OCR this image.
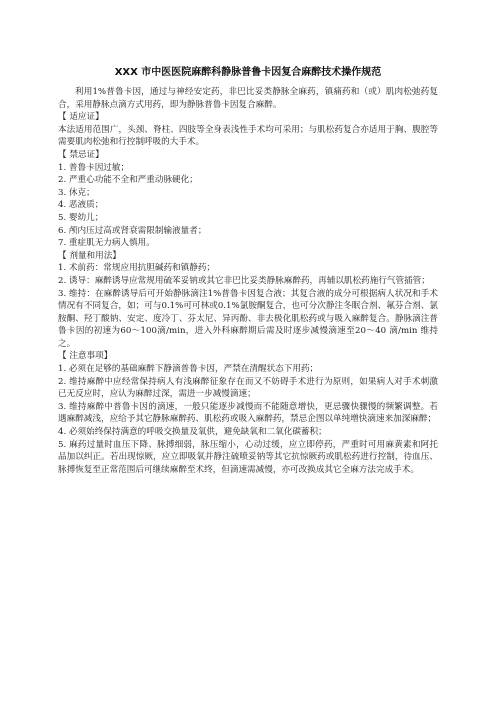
XXX 市中医医院麻醉科静脉普鲁卡因复合麻醉技术操作规范

利用1%普鲁卡因，通过与神经安定药，非巴比妥类静脉全麻药，镇痛药和（或）肌肉松弛药复合，采用静脉点滴方式用药，即为静脉普鲁卡因复合麻醉。

【 适应证】

本法适用范围广，头颈、脊柱、四肢等全身表浅性手术均可采用；与肌松药复合亦适用于胸、腹腔等需要肌肉松弛和行控制呼吸的大手术。

【 禁忌证】

1. 普鲁卡因过敏；

2. 严重心功能不全和严重动脉硬化；

3. 休克；

4. 恶液质；

5. 婴幼儿；

6. 颅内压过高或肾衰需限制输液量者；

7. 重症肌无力病人慎用。

【 剂量和用法】

1. 术前药：常规应用抗胆碱药和镇静药；

2. 诱导：麻醉诱导应常规用硫苯妥钠或其它非巴比妥类静脉麻醉药，再辅以肌松药施行气管插管；

3. 维持：在麻醉诱导后可开始静脉滴注1%普鲁卡因复合液；其复合液的成分可根据病人状况和手术情况有不同复合，如；可与0.1%可可林或0.1%氯胺酮复合，也可分次静注冬眠合剂、氟芬合剂、氯胺酮、羟丁酸钠、安定、度冷丁、芬太尼、异丙酚、非去极化肌松药或与吸入麻醉复合。静脉滴注普鲁卡因的初速为60～100滴/min，进入外科麻醉期后需及时逐步减慢滴速至20～40 滴/min 维持之。

【 注意事项】

1. 必须在足够的基础麻醉下静滴普鲁卡因，严禁在清醒状态下用药；

2. 维持麻醉中应经常保持病人有浅麻醉征象存在而又不妨碍手术进行为原则，如果病人对手术刺激已无反应时，应认为麻醉过深，需进一步减慢滴速；

3. 维持麻醉中普鲁卡因的滴速，一般只能逐步减慢而不能随意增快，更忌骤快骤慢的频繁调整。若遇麻醉减浅，应给予其它静脉麻醉药、肌松药或吸入麻醉药，禁忌企图以单纯增快滴速来加深麻醉；

4. 必须始终保持满意的呼吸交换量及氧供，避免缺氧和二氧化碳蓄积；

5. 麻药过量时血压下降、脉搏细弱，脉压缩小，心动过缓，应立即停药，严重时可用麻黄素和阿托品加以纠正。若出现惊厥，应立即吸氧并静注硫喷妥钠等其它抗惊厥药或肌松药进行控制，待血压、脉搏恢复至正常范围后可继续麻醉至术终，但滴速需减慢，亦可改换成其它全麻方法完成手术。
